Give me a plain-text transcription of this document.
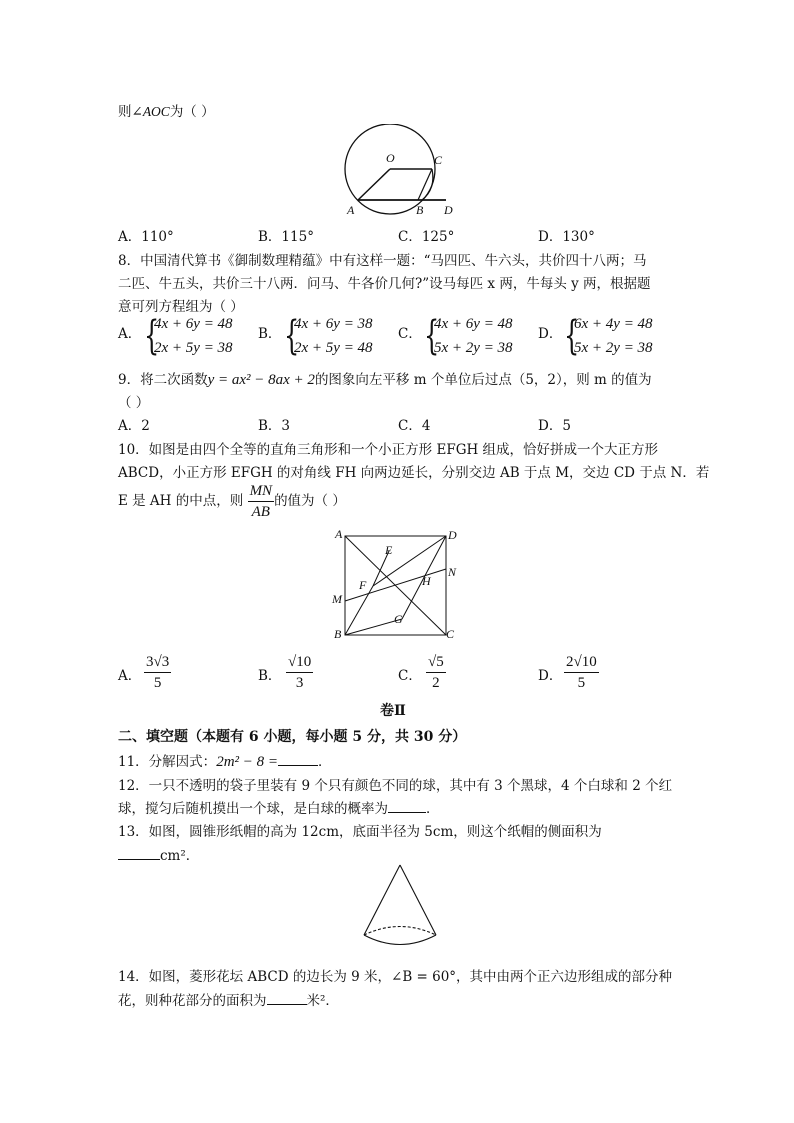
则∠AOC为（ ）
O	C
A	B D
A．110°	B．115°	C．125°	D．130°
8．中国清代算书《御制数理精蕴》中有这样一题：“马四匹、牛六头，共价四十八两；马
二匹、牛五头，共价三十八两．问马、牛各价几何?”设马每匹 x 两，牛每头 y 两，根据题
意可列方程组为（ ）
A． {
4x + 6y = 48
2x + 5y = 38
B． {
4x + 6y = 38
2x + 5y = 48
C． {
4x + 6y = 48
5x + 2y = 38
D． {
6x + 4y = 48
5x + 2y = 38
9．将二次函数y = ax² − 8ax + 2的图象向左平移 m 个单位后过点（5，2），则 m 的值为
（ ）
A．2	B．3	C．4	D．5
10．如图是由四个全等的直角三角形和一个小正方形 EFGH 组成，恰好拼成一个大正方形
ABCD，小正方形 EFGH 的对角线 FH 向两边延长，分别交边 AB 于点 M，交边 CD 于点 N．若
E 是 AH 的中点，则 $\frac{MN}{AB}$ 的值为（ ）
A	D
E
N
F	H
M
G
B	C
A． $\frac{3√3}{5}$	B． $\frac{√10}{3}$	C． $\frac{√5}{2}$	D． $\frac{2√10}{5}$
卷Ⅱ
二、填空题（本题有 6 小题，每小题 5 分，共 30 分）
11．分解因式：2m² − 8 =	．
12．一只不透明的袋子里装有 9 个只有颜色不同的球，其中有 3 个黑球，4 个白球和 2 个红
球，搅匀后随机摸出一个球，是白球的概率为	．
13．如图，圆锥形纸帽的高为 12cm，底面半径为 5cm，则这个纸帽的侧面积为
cm²．
14．如图，菱形花坛 ABCD 的边长为 9 米，∠B = 60°，其中由两个正六边形组成的部分种
花，则种花部分的面积为	米²．
